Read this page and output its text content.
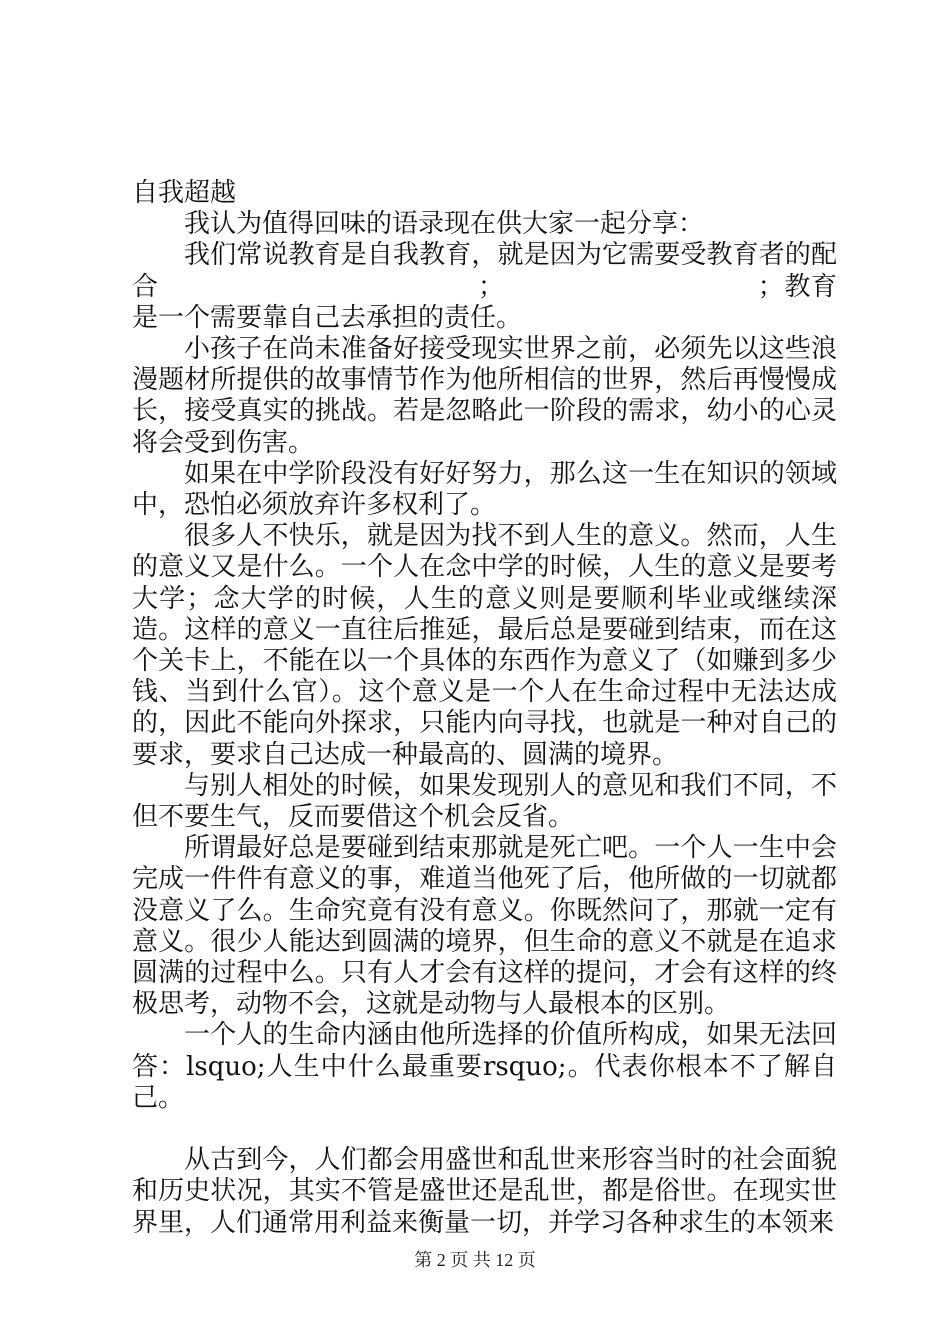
自我超越

我认为值得回味的语录现在供大家一起分享：

我们常说教育是自我教育，就是因为它需要受教育者的配合　　　　　　　　　　　　；　　　　　　　　　　；教育是一个需要靠自己去承担的责任。

小孩子在尚未准备好接受现实世界之前，必须先以这些浪漫题材所提供的故事情节作为他所相信的世界，然后再慢慢成长，接受真实的挑战。若是忽略此一阶段的需求，幼小的心灵将会受到伤害。

如果在中学阶段没有好好努力，那么这一生在知识的领域中，恐怕必须放弃许多权利了。

很多人不快乐，就是因为找不到人生的意义。然而，人生的意义又是什么。一个人在念中学的时候，人生的意义是要考大学；念大学的时候，人生的意义则是要顺利毕业或继续深造。这样的意义一直往后推延，最后总是要碰到结束，而在这个关卡上，不能在以一个具体的东西作为意义了（如赚到多少钱、当到什么官）。这个意义是一个人在生命过程中无法达成的，因此不能向外探求，只能内向寻找，也就是一种对自己的要求，要求自己达成一种最高的、圆满的境界。

与别人相处的时候，如果发现别人的意见和我们不同，不但不要生气，反而要借这个机会反省。

所谓最好总是要碰到结束那就是死亡吧。一个人一生中会完成一件件有意义的事，难道当他死了后，他所做的一切就都没意义了么。生命究竟有没有意义。你既然问了，那就一定有意义。很少人能达到圆满的境界，但生命的意义不就是在追求圆满的过程中么。只有人才会有这样的提问，才会有这样的终极思考，动物不会，这就是动物与人最根本的区别。

一个人的生命内涵由他所选择的价值所构成，如果无法回答：lsquo;人生中什么最重要rsquo;。代表你根本不了解自己。

从古到今，人们都会用盛世和乱世来形容当时的社会面貌和历史状况，其实不管是盛世还是乱世，都是俗世。在现实世界里，人们通常用利益来衡量一切，并学习各种求生的本领来

第 2 页 共 12 页
